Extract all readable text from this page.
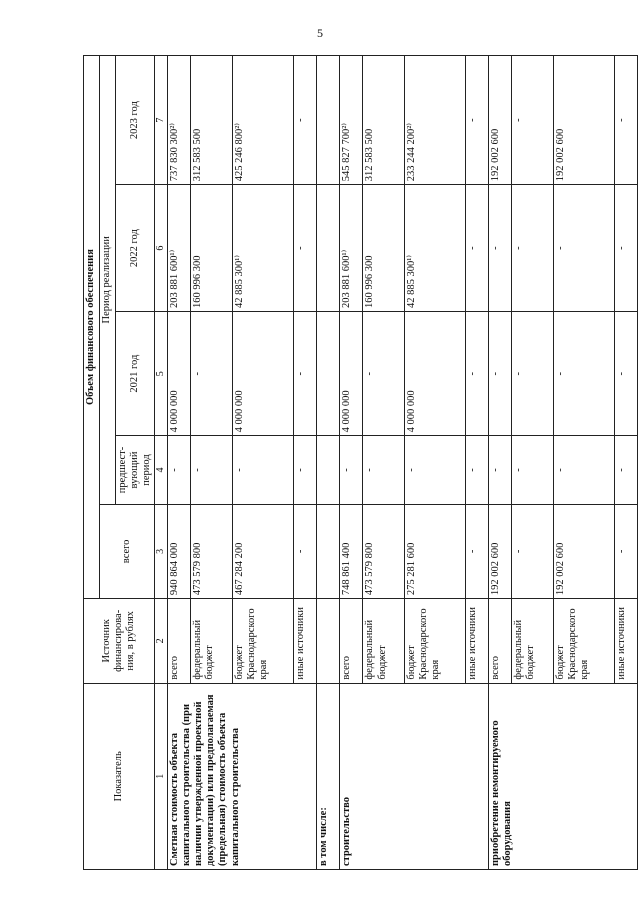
5
Показатель	Источник финансирова-ния, в рублях	Объем финансового обеспечения				
		всего	Период реализации			
			предшест-вующий период	2021 год	2022 год	2023 год
1	2	3	4	5	6	7
Сметная стоимость объекта капитального строительства (при наличии утвержденной проектной документации) или предполагаемая (предельная) стоимость объекта капитального строительства	всего	940 864 000	-	4 000 000	203 881 600¹⁾	737 830 300²⁾
	федеральный бюджет	473 579 800	-	-	160 996 300	312 583 500
	бюджет Краснодарского края	467 284 200	-	4 000 000	42 885 300¹⁾	425 246 800²⁾
	иные источники	-	-	-	-	-
в том числе:						
строительство	всего	748 861 400	-	4 000 000	203 881 600¹⁾	545 827 700²⁾
	федеральный бюджет	473 579 800	-	-	160 996 300	312 583 500
	бюджет Краснодарского края	275 281 600	-	4 000 000	42 885 300¹⁾	233 244 200²⁾
	иные источники	-	-	-	-	-
приобретение немонтируемого оборудования	всего	192 002 600	-	-	-	192 002 600
	федеральный бюджет	-	-	-	-	-
	бюджет Краснодарского края	192 002 600	-	-	-	192 002 600
	иные источники	-	-	-	-	-
